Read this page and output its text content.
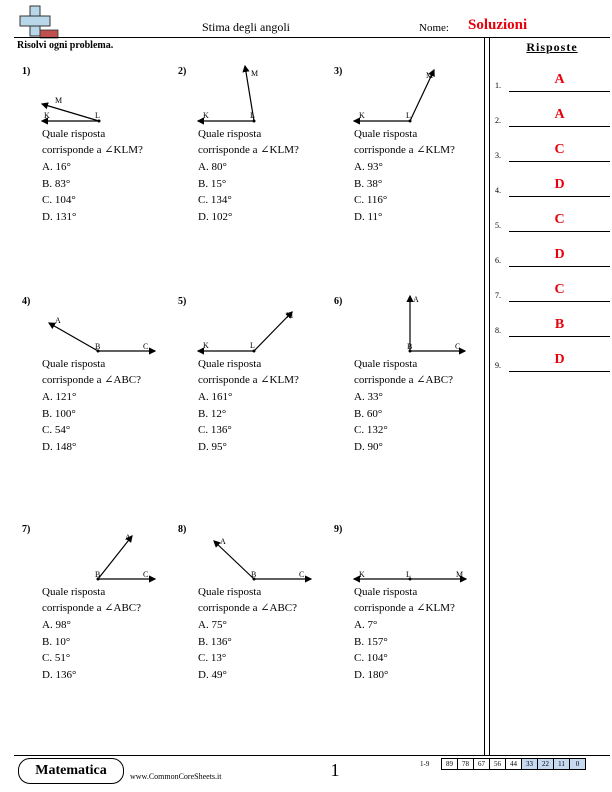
Stima degli angoli	Nome: Soluzioni
Risolvi ogni problema.
1)
M
K	L
Quale risposta
corrisponde a ∠KLM?
A. 16°
B. 83°
C. 104°
D. 131°
2)	M
K	L
Quale risposta
corrisponde a ∠KLM?
A. 80°
B. 15°
C. 134°
D. 102°
3)	M
K	L
Quale risposta
corrisponde a ∠KLM?
A. 93°
B. 38°
C. 116°
D. 11°
4)
A
B	C
Quale risposta
corrisponde a ∠ABC?
A. 121°
B. 100°
C. 54°
D. 148°
5)
M
K	L
Quale risposta
corrisponde a ∠KLM?
A. 161°
B. 12°
C. 136°
D. 95°
6)	A
B	C
Quale risposta
corrisponde a ∠ABC?
A. 33°
B. 60°
C. 132°
D. 90°
7)
A
B	C
Quale risposta
corrisponde a ∠ABC?
A. 98°
B. 10°
C. 51°
D. 136°
8)
A
B	C
Quale risposta
corrisponde a ∠ABC?
A. 75°
B. 136°
C. 13°
D. 49°
9)
M
K	L
Quale risposta
corrisponde a ∠KLM?
A. 7°
B. 157°
C. 104°
D. 180°
Risposte
1.	A
2.	A
3.	C
4.	D
5.	C
6.	D
7.	C
8.	B
9.	D
Matematica	www.CommonCoreSheets.it	1	1-9 89	78	67	56	44	33	22	11	0
